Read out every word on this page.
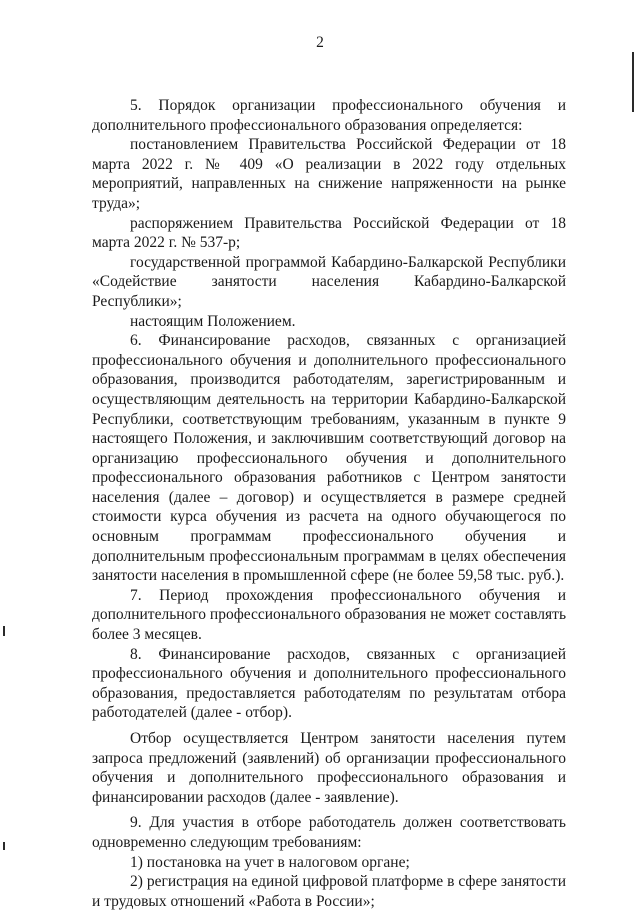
2

5. Порядок организации профессионального обучения и дополнительного профессионального образования определяется:

постановлением Правительства Российской Федерации от 18 марта 2022 г. № 409 «О реализации в 2022 году отдельных мероприятий, направленных на снижение напряженности на рынке труда»;

распоряжением Правительства Российской Федерации от 18 марта 2022 г. № 537-р;

государственной программой Кабардино-Балкарской Республики «Содействие занятости населения Кабардино-Балкарской Республики»;

настоящим Положением.

6. Финансирование расходов, связанных с организацией профессионального обучения и дополнительного профессионального образования, производится работодателям, зарегистрированным и осуществляющим деятельность на территории Кабардино-Балкарской Республики, соответствующим требованиям, указанным в пункте 9 настоящего Положения, и заключившим соответствующий договор на организацию профессионального обучения и дополнительного профессионального образования работников с Центром занятости населения (далее – договор) и осуществляется в размере средней стоимости курса обучения из расчета на одного обучающегося по основным программам профессионального обучения и дополнительным профессиональным программам в целях обеспечения занятости населения в промышленной сфере (не более 59,58 тыс. руб.).

7. Период прохождения профессионального обучения и дополнительного профессионального образования не может составлять более 3 месяцев.

8. Финансирование расходов, связанных с организацией профессионального обучения и дополнительного профессионального образования, предоставляется работодателям по результатам отбора работодателей (далее - отбор).

Отбор осуществляется Центром занятости населения путем запроса предложений (заявлений) об организации профессионального обучения и дополнительного профессионального образования и финансировании расходов (далее - заявление).

9. Для участия в отборе работодатель должен соответствовать одновременно следующим требованиям:

1) постановка на учет в налоговом органе;

2) регистрация на единой цифровой платформе в сфере занятости и трудовых отношений «Работа в России»;
